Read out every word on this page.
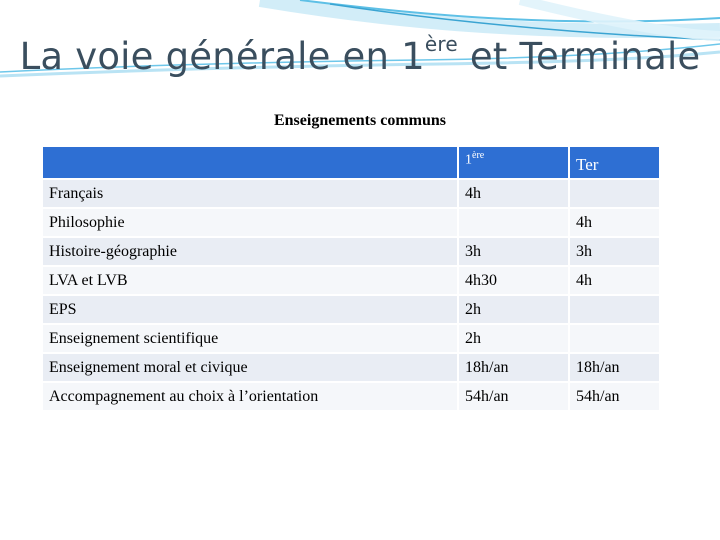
La voie générale en 1ère et Terminale
Enseignements communs
	1ère	Ter
Français	4h	
Philosophie		4h
Histoire-géographie	3h	3h
LVA et LVB	4h30	4h
EPS	2h	
Enseignement scientifique	2h	
Enseignement moral et civique	18h/an	18h/an
Accompagnement au choix à l’orientation	54h/an	54h/an
